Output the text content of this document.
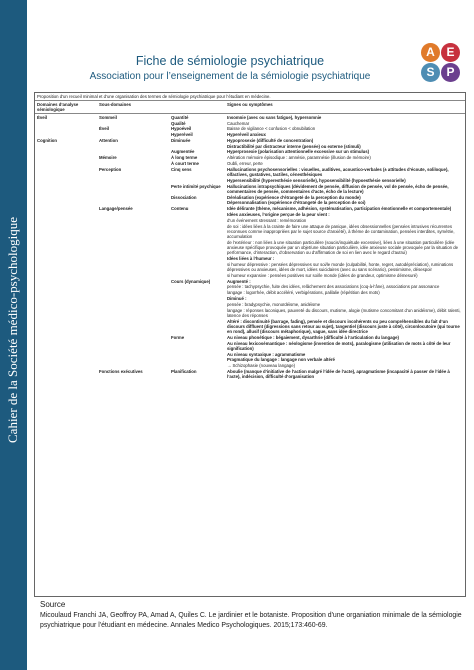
Cahier de la Société médico-psychologique
A E
S P
Fiche de sémiologie psychiatrique
Association pour l’enseignement de la sémiologie psychiatrique
Proposition d’un recueil minimal et d’une organisation des termes de sémiologie psychiatrique pour l’étudiant en médecine.
Domaines d’analyse sémiologique	Sous-domaines		Signes ou symptômes
Éveil	Sommeil	Quantité	Insomnie (avec ou sans fatigue), hypersomnie
		Qualité	Cauchemar
	Éveil	Hypoéveil	Baisse de vigilance < confusion < obnubilation
		Hyperéveil	Hyperéveil anxieux
Cognition	Attention	Diminuée	Hypoprosexie (difficulté de concentration)
			Distractibilité par distracteur interne (pensée) ou externe (stimuli)
		Augmentée	Hyperprosexie (polarisation attentionnelle excessive sur un stimulus)
	Mémoire	À long terme	Altération mémoire épisodique : amnésie, paramnésie (illusion de mémoire)
		À court terme	Oubli, erreur, perte
	Perception	Cinq sens	Hallucinations psychosensorielles : visuelles, auditives, acoustico-verbales (± attitudes d’écoute, soliloque), olfactives, gustatives, tactiles, cénesthésiques
			Hypersensibilité (hyperesthésie sensorielle), hyposensibilité (hypoesthésie sensorielle)
		Perte intimité psychique	Hallucinations intrapsychiques (dévidement de pensée, diffusion de pensée, vol de pensée, écho de pensée, commentaires de pensée, commentaires d’acte, écho de la lecture)
		Dissociation	Déréalisation (expérience d’étrangeté de la perception du monde)
			Dépersonnalisation (expérience d’étrangeté de la perception de soi)
	Langage/pensée	Contenu	Idée délirante (thème, mécanisme, adhésion, systématisation, participation émotionnelle et comportementale)
			Idées anxieuses, l’origine perçue de la peur vient :
			d’un événement stressant : remémoration
			de soi : idées liées à la crainte de faire une attaque de panique, idées obsessionnelles (pensées intrusives récurrentes reconnues comme inappropriées par le sujet source d’anxiété), à thème de contamination, pensées interdites, symétrie, accumulation
			de l’extérieur : non liées à une situation particulière (soucis/inquiétude excessive), liées à une situation particulière (idée anxieuse spécifique provoquée par un objet/une situation particulière, idée anxieuse sociale provoquée par la situation de performance, d’interaction, d’observation ou d’affirmation de soi en lien avec le regard d’autrui)
			Idées liées à l’humeur :
			si humeur dépressive : pensées dépressives sur soi/le monde (culpabilité, honte, regret, autodépréciation), ruminations dépressives ou anxieuses, idées de mort, idées suicidaires (avec ou sans scénario), pessimisme, désespoir
			si humeur expansive : pensées positives sur soi/le monde (idées de grandeur, optimisme démesuré)
		Cours (dynamique)	Augmenté :
			pensée : tachypsychie, fuite des idées, relâchement des associations (coq-à-l’âne), associations par assonance
			langage : logorrhée, débit accéléré, verbigérations, palilalie (répétition des mots)
			Diminué :
			pensée : bradypsychie, monoïdéisme, anidéisme
			langage : réponses laconiques, pauvreté du discours, mutisme, alogie (mutisme concomitant d’un anidéisme), débit ralenti, latence des réponses
			Altéré : discontinuité (barrage, fading), pensée et discours incohérents ou peu compréhensibles du fait d’un discours diffluent (digressions sans retour au sujet), tangentiel (discours juste à côté), circonlocutoire (qui tourne en rond), allusif (discours métaphorique), vague, sans idée directrice
		Forme	Au niveau phonétique : bégaiement, dysarthrie (difficulté à l’articulation du langage)
			Au niveau lexicosémantique : néologisme (invention de mots), paralogisme (utilisation de mots à côté de leur signification)
			Au niveau syntaxique : agrammatisme
			Pragmatique du langage : langage non verbale altéré
			→ Schizophasie (nouveau langage)
	Fonctions exécutives	Planification	Aboulie (manque d’initiative de l’action malgré l’idée de l’acte), apragmatisme (incapacité à passer de l’idée à l’acte), indécision, difficulté d’organisation
Source
Micoulaud Franchi JA, Geoffroy PA, Amad A, Quiles C. Le jardinier et le botaniste. Proposition d'une organiation minimale de la sémiologie psychiatrique pour l'étudiant en médecine. Annales Medico Psychologiques. 2015;173:460-69.
